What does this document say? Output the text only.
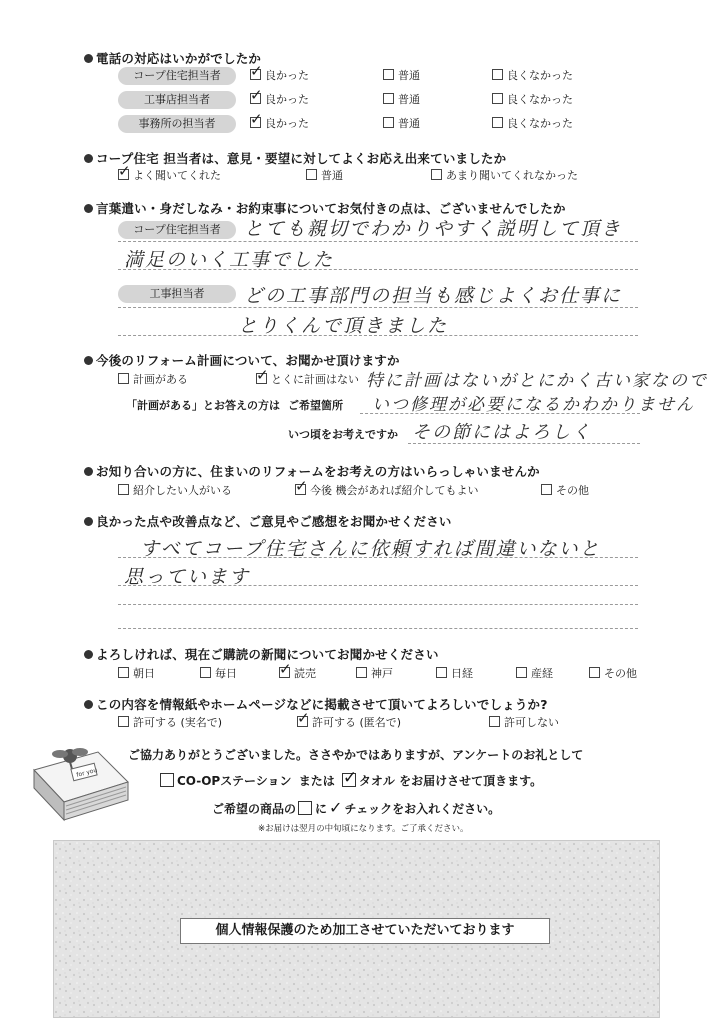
電話の対応はいかがでしたか
コープ住宅担当者	✓ 良かった	普通	良くなかった
工事店担当者	✓ 良かった	普通	良くなかった
事務所の担当者	✓ 良かった	普通	良くなかった
コープ住宅 担当者は、意見・要望に対してよくお応え出来ていましたか
✓ よく聞いてくれた	普通	あまり聞いてくれなかった
言葉遣い・身だしなみ・お約束事についてお気付きの点は、ございませんでしたか
コープ住宅担当者	とても親切でわかりやすく説明して頂き
満足のいく工事でした
工事担当者	どの工事部門の担当も感じよくお仕事に
とりくんで頂きました
今後のリフォーム計画について、お聞かせ頂けますか
計画がある	✓ とくに計画はない 特に計画はないがとにかく古い家なので
「計画がある」とお答えの方は ご希望箇所 いつ修理が必要になるかわかりません
いつ頃をお考えですか その節にはよろしく
お知り合いの方に、住まいのリフォームをお考えの方はいらっしゃいませんか
紹介したい人がいる	✓ 今後 機会があれば紹介してもよい	その他
良かった点や改善点など、ご意見やご感想をお聞かせください
すべてコープ住宅さんに依頼すれば間違いないと
思っています
よろしければ、現在ご購読の新聞についてお聞かせください
朝日	毎日	✓ 読売	神戸	日経	産経	その他
この内容を情報紙やホームページなどに掲載させて頂いてよろしいでしょうか?
許可する (実名で)	✓ 許可する (匿名で)	許可しない
for you
ご協力ありがとうございました。ささやかではありますが、アンケートのお礼として
CO-OPステーション または ✓ タオル をお届けさせて頂きます。
ご希望の商品の に ✓ チェックをお入れください。
※お届けは翌月の中旬頃になります。ご了承ください。
個人情報保護のため加工させていただいております
